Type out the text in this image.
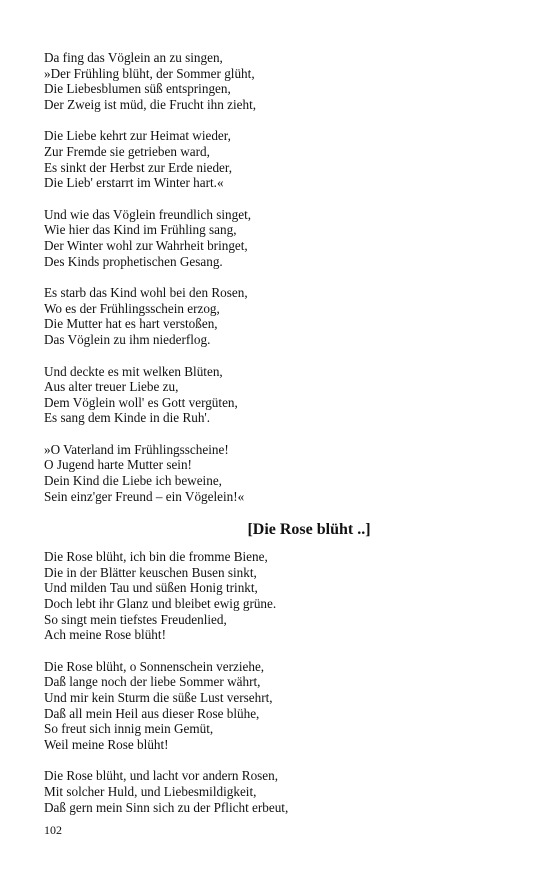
Da fing das Vöglein an zu singen,
»Der Frühling blüht, der Sommer glüht,
Die Liebesblumen süß entspringen,
Der Zweig ist müd, die Frucht ihn zieht,
Die Liebe kehrt zur Heimat wieder,
Zur Fremde sie getrieben ward,
Es sinkt der Herbst zur Erde nieder,
Die Lieb' erstarrt im Winter hart.«
Und wie das Vöglein freundlich singet,
Wie hier das Kind im Frühling sang,
Der Winter wohl zur Wahrheit bringet,
Des Kinds prophetischen Gesang.
Es starb das Kind wohl bei den Rosen,
Wo es der Frühlingsschein erzog,
Die Mutter hat es hart verstoßen,
Das Vöglein zu ihm niederflog.
Und deckte es mit welken Blüten,
Aus alter treuer Liebe zu,
Dem Vöglein woll' es Gott vergüten,
Es sang dem Kinde in die Ruh'.
»O Vaterland im Frühlingsscheine!
O Jugend harte Mutter sein!
Dein Kind die Liebe ich beweine,
Sein einz'ger Freund – ein Vögelein!«
[Die Rose blüht ..]
Die Rose blüht, ich bin die fromme Biene,
Die in der Blätter keuschen Busen sinkt,
Und milden Tau und süßen Honig trinkt,
Doch lebt ihr Glanz und bleibet ewig grüne.
So singt mein tiefstes Freudenlied,
Ach meine Rose blüht!
Die Rose blüht, o Sonnenschein verziehe,
Daß lange noch der liebe Sommer währt,
Und mir kein Sturm die süße Lust versehrt,
Daß all mein Heil aus dieser Rose blühe,
So freut sich innig mein Gemüt,
Weil meine Rose blüht!
Die Rose blüht, und lacht vor andern Rosen,
Mit solcher Huld, und Liebesmildigkeit,
Daß gern mein Sinn sich zu der Pflicht erbeut,
102
